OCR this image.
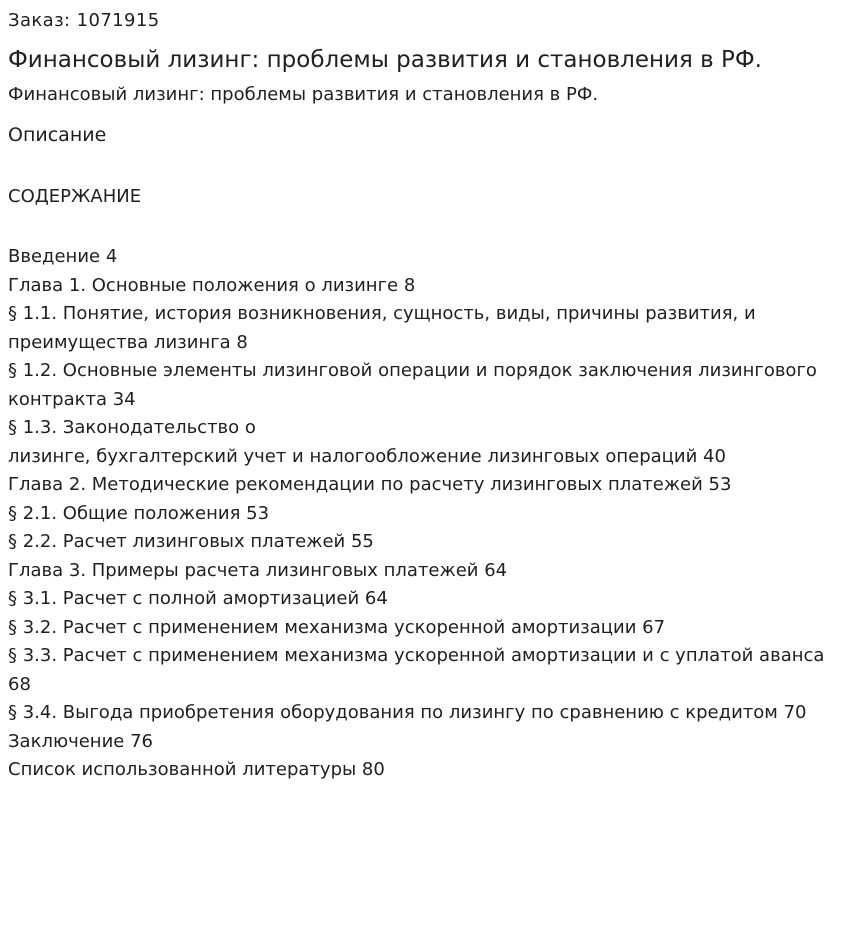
Заказ: 1071915

Финансовый лизинг: проблемы развития и становления в РФ.

Финансовый лизинг: проблемы развития и становления в РФ.

Описание

СОДЕРЖАНИЕ

Введение 4
Глава 1. Основные положения о лизинге 8
§ 1.1. Понятие, история возникновения, сущность, виды, причины развития, и преимущества лизинга 8
§ 1.2. Основные элементы лизинговой операции и порядок заключения лизингового контракта 34
§ 1.3. Законодательство о
лизинге, бухгалтерский учет и налогообложение лизинговых операций 40
Глава 2. Методические рекомендации по расчету лизинговых платежей 53
§ 2.1. Общие положения 53
§ 2.2. Расчет лизинговых платежей 55
Глава 3. Примеры расчета лизинговых платежей 64
§ 3.1. Расчет с полной амортизацией 64
§ 3.2. Расчет с применением механизма ускоренной амортизации 67
§ 3.3. Расчет с применением механизма ускоренной амортизации и с уплатой аванса 68
§ 3.4. Выгода приобретения оборудования по лизингу по сравнению с кредитом 70
Заключение 76
Список использованной литературы 80
